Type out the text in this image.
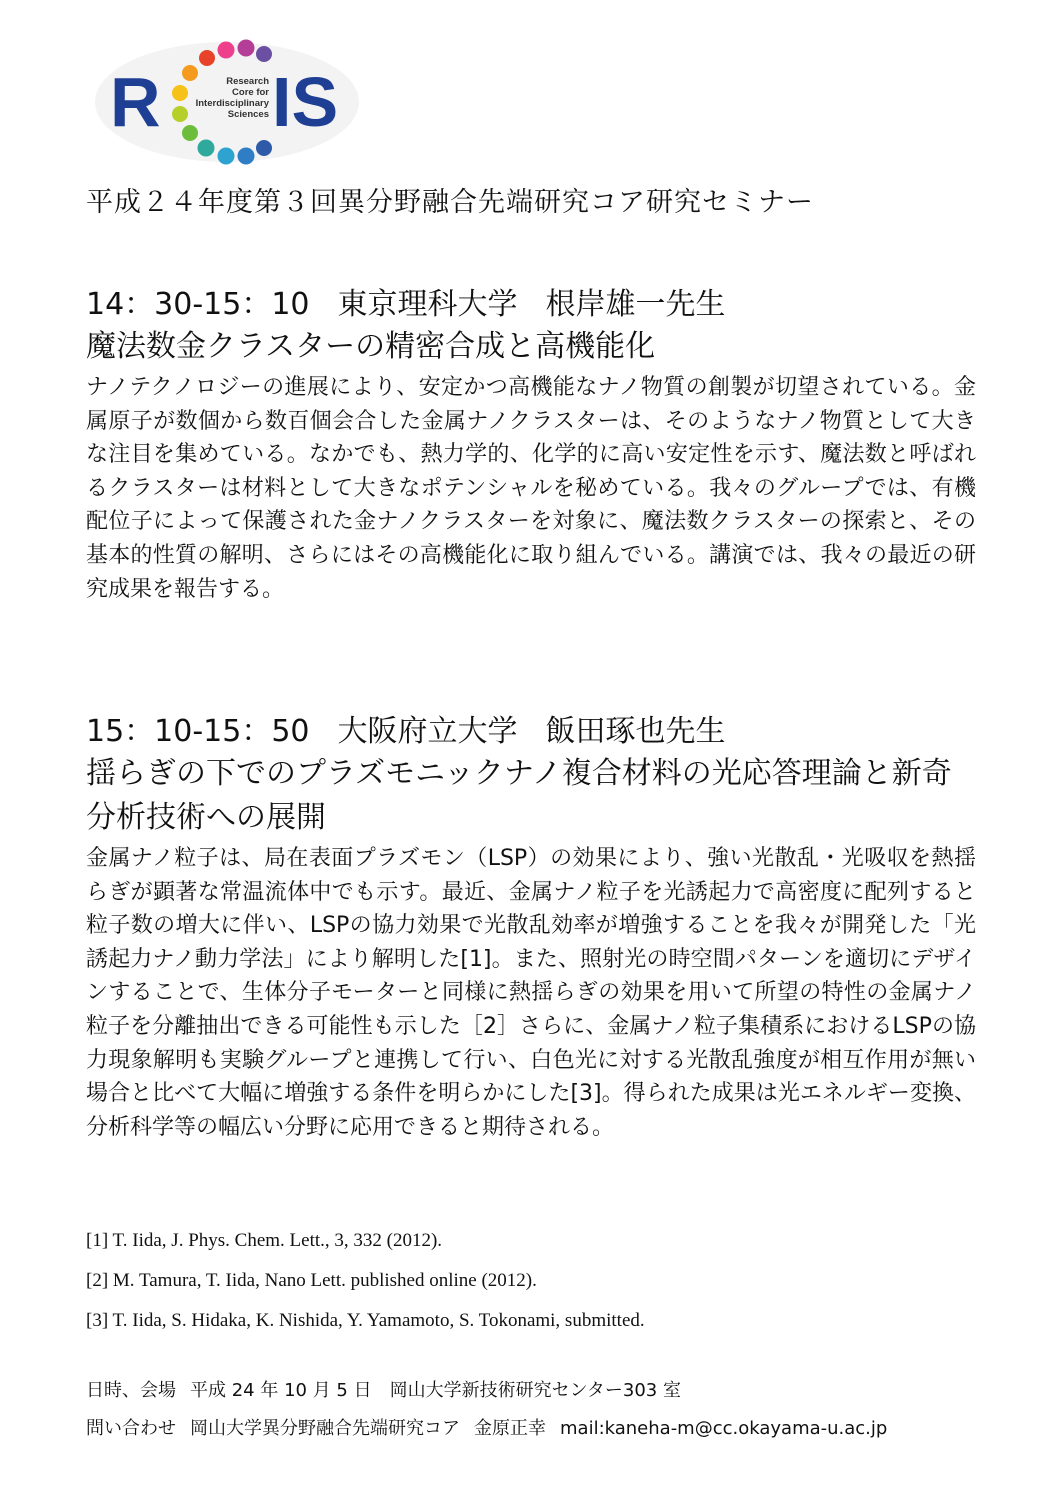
R IS
Research
Core for
Interdisciplinary
Sciences
平成２４年度第３回異分野融合先端研究コア研究セミナー
14：30-15：10 東京理科大学 根岸雄一先生
魔法数金クラスターの精密合成と高機能化
ナノテクノロジーの進展により、安定かつ高機能なナノ物質の創製が切望されている。金属原子が数個から数百個会合した金属ナノクラスターは、そのようなナノ物質として大きな注目を集めている。なかでも、熱力学的、化学的に高い安定性を示す、魔法数と呼ばれるクラスターは材料として大きなポテンシャルを秘めている。我々のグループでは、有機配位子によって保護された金ナノクラスターを対象に、魔法数クラスターの探索と、その基本的性質の解明、さらにはその高機能化に取り組んでいる。講演では、我々の最近の研究成果を報告する。
15：10-15：50 大阪府立大学 飯田琢也先生
揺らぎの下でのプラズモニックナノ複合材料の光応答理論と新奇分析技術への展開
金属ナノ粒子は、局在表面プラズモン（LSP）の効果により、強い光散乱・光吸収を熱揺らぎが顕著な常温流体中でも示す。最近、金属ナノ粒子を光誘起力で高密度に配列すると粒子数の増大に伴い、LSPの協力効果で光散乱効率が増強することを我々が開発した「光誘起力ナノ動力学法」により解明した[1]。また、照射光の時空間パターンを適切にデザインすることで、生体分子モーターと同様に熱揺らぎの効果を用いて所望の特性の金属ナノ粒子を分離抽出できる可能性も示した［2］さらに、金属ナノ粒子集積系におけるLSPの協力現象解明も実験グループと連携して行い、白色光に対する光散乱強度が相互作用が無い場合と比べて大幅に増強する条件を明らかにした[3]。得られた成果は光エネルギー変換、分析科学等の幅広い分野に応用できると期待される。
[1] T. Iida, J. Phys. Chem. Lett., 3, 332 (2012).
[2] M. Tamura, T. Iida, Nano Lett. published online (2012).
[3] T. Iida, S. Hidaka, K. Nishida, Y. Yamamoto, S. Tokonami, submitted.
日時、会場 平成 24 年 10 月 5 日　岡山大学新技術研究センター303 室
問い合わせ 岡山大学異分野融合先端研究コア 金原正幸 mail:kaneha-m@cc.okayama-u.ac.jp
